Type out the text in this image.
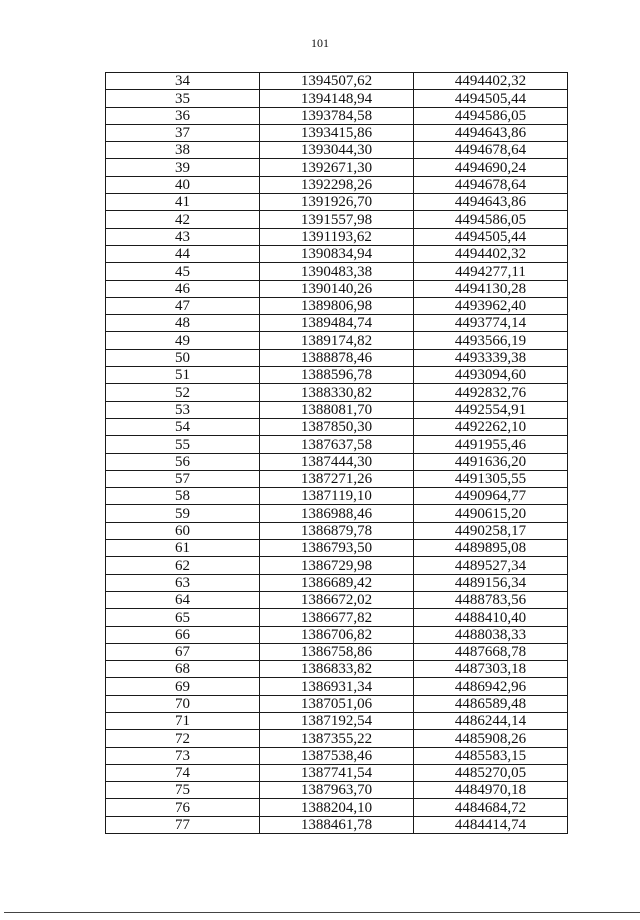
101
34	1394507,62	4494402,32
35	1394148,94	4494505,44
36	1393784,58	4494586,05
37	1393415,86	4494643,86
38	1393044,30	4494678,64
39	1392671,30	4494690,24
40	1392298,26	4494678,64
41	1391926,70	4494643,86
42	1391557,98	4494586,05
43	1391193,62	4494505,44
44	1390834,94	4494402,32
45	1390483,38	4494277,11
46	1390140,26	4494130,28
47	1389806,98	4493962,40
48	1389484,74	4493774,14
49	1389174,82	4493566,19
50	1388878,46	4493339,38
51	1388596,78	4493094,60
52	1388330,82	4492832,76
53	1388081,70	4492554,91
54	1387850,30	4492262,10
55	1387637,58	4491955,46
56	1387444,30	4491636,20
57	1387271,26	4491305,55
58	1387119,10	4490964,77
59	1386988,46	4490615,20
60	1386879,78	4490258,17
61	1386793,50	4489895,08
62	1386729,98	4489527,34
63	1386689,42	4489156,34
64	1386672,02	4488783,56
65	1386677,82	4488410,40
66	1386706,82	4488038,33
67	1386758,86	4487668,78
68	1386833,82	4487303,18
69	1386931,34	4486942,96
70	1387051,06	4486589,48
71	1387192,54	4486244,14
72	1387355,22	4485908,26
73	1387538,46	4485583,15
74	1387741,54	4485270,05
75	1387963,70	4484970,18
76	1388204,10	4484684,72
77	1388461,78	4484414,74
